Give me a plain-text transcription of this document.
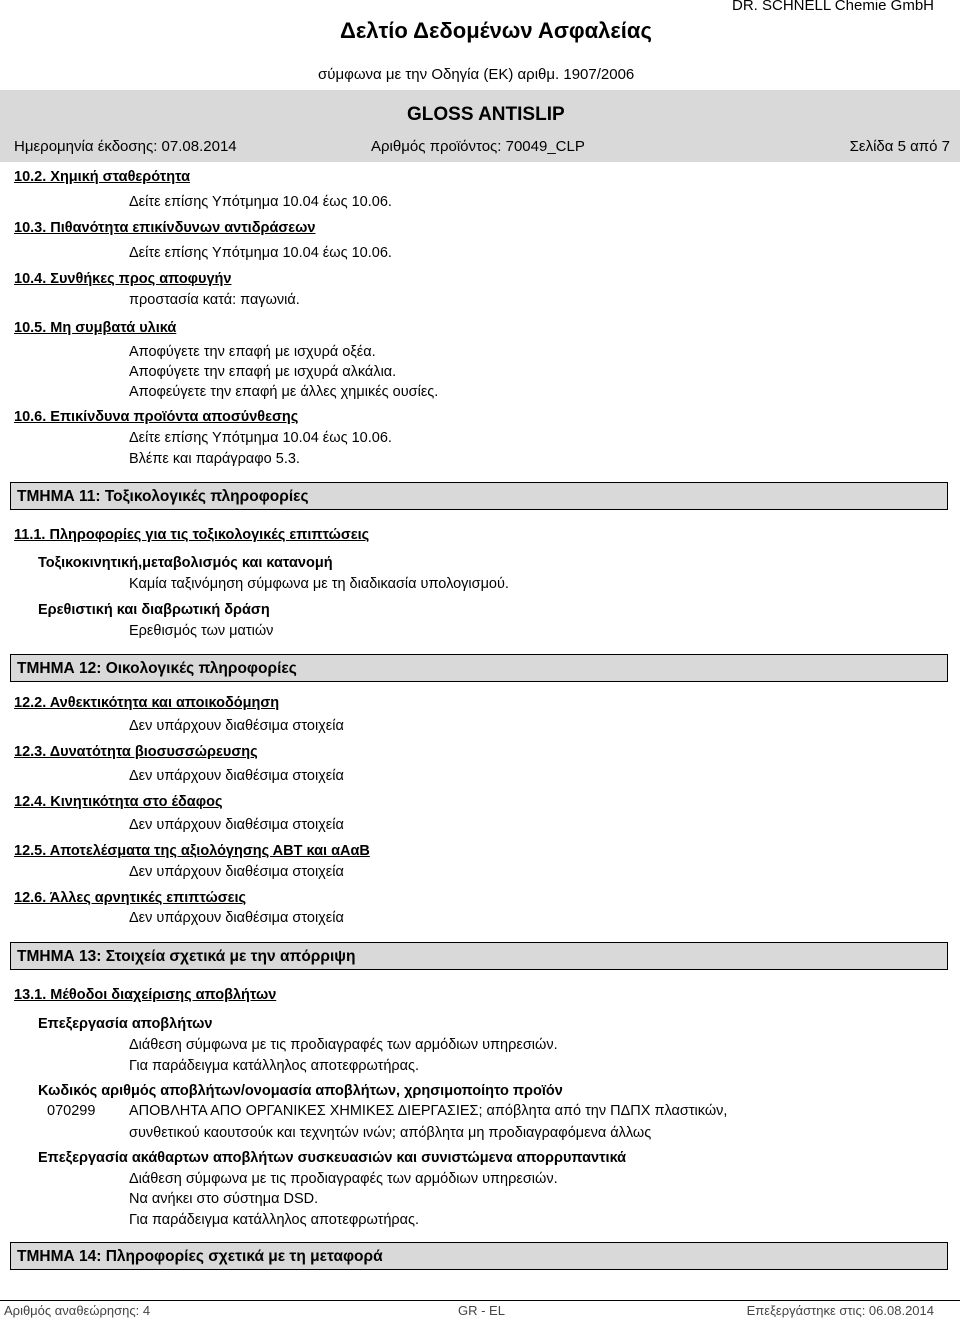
Δελτίο Δεδομένων Ασφαλείας
DR. SCHNELL Chemie GmbH
σύμφωνα με την Οδηγία (ΕΚ) αριθμ. 1907/2006
GLOSS ANTISLIP
Ημερομηνία έκδοσης: 07.08.2014	Αριθμός προϊόντος: 70049_CLP	Σελίδα 5 από 7
10.2. Χημική σταθερότητα
Δείτε επίσης Υπότμημα 10.04 έως 10.06.
10.3. Πιθανότητα επικίνδυνων αντιδράσεων
Δείτε επίσης Υπότμημα 10.04 έως 10.06.
10.4. Συνθήκες προς αποφυγήν
προστασία κατά: παγωνιά.
10.5. Μη συμβατά υλικά
Αποφύγετε την επαφή με ισχυρά οξέα.
Αποφύγετε την επαφή με ισχυρά αλκάλια.
Αποφεύγετε την επαφή με άλλες χημικές ουσίες.
10.6. Επικίνδυνα προϊόντα αποσύνθεσης
Δείτε επίσης Υπότμημα 10.04 έως 10.06.
Βλέπε και παράγραφο 5.3.
ΤΜΗΜΑ 11: Τοξικολογικές πληροφορίες
11.1. Πληροφορίες για τις τοξικολογικές επιπτώσεις
Τοξικοκινητική,μεταβολισμός και κατανομή
Καμία ταξινόμηση σύμφωνα με τη διαδικασία υπολογισμού.
Ερεθιστική και διαβρωτική δράση
Ερεθισμός των ματιών
ΤΜΗΜΑ 12: Οικολογικές πληροφορίες
12.2. Ανθεκτικότητα και αποικοδόμηση
Δεν υπάρχουν διαθέσιμα στοιχεία
12.3. Δυνατότητα βιοσυσσώρευσης
Δεν υπάρχουν διαθέσιμα στοιχεία
12.4. Κινητικότητα στο έδαφος
Δεν υπάρχουν διαθέσιμα στοιχεία
12.5. Αποτελέσματα της αξιολόγησης ΑΒΤ και αΑαΒ
Δεν υπάρχουν διαθέσιμα στοιχεία
12.6. Άλλες αρνητικές επιπτώσεις
Δεν υπάρχουν διαθέσιμα στοιχεία
ΤΜΗΜΑ 13: Στοιχεία σχετικά με την απόρριψη
13.1. Μέθοδοι διαχείρισης αποβλήτων
Επεξεργασία αποβλήτων
Διάθεση σύμφωνα με τις προδιαγραφές των αρμόδιων υπηρεσιών.
Για παράδειγμα κατάλληλος αποτεφρωτήρας.
Κωδικός αριθμός αποβλήτων/ονομασία αποβλήτων, χρησιμοποίητο προϊόν
070299 ΑΠΟΒΛΗΤΑ ΑΠΟ ΟΡΓΑΝΙΚΕΣ ΧΗΜΙΚΕΣ ΔΙΕΡΓΑΣΙΕΣ; απόβλητα από την ΠΔΠΧ πλαστικών,
συνθετικού καουτσούκ και τεχνητών ινών; απόβλητα μη προδιαγραφόμενα άλλως
Επεξεργασία ακάθαρτων αποβλήτων συσκευασιών και συνιστώμενα απορρυπαντικά
Διάθεση σύμφωνα με τις προδιαγραφές των αρμόδιων υπηρεσιών.
Να ανήκει στο σύστημα DSD.
Για παράδειγμα κατάλληλος αποτεφρωτήρας.
ΤΜΗΜΑ 14: Πληροφορίες σχετικά με τη μεταφορά
Αριθμός αναθεώρησης: 4	GR - EL	Επεξεργάστηκε στις: 06.08.2014
